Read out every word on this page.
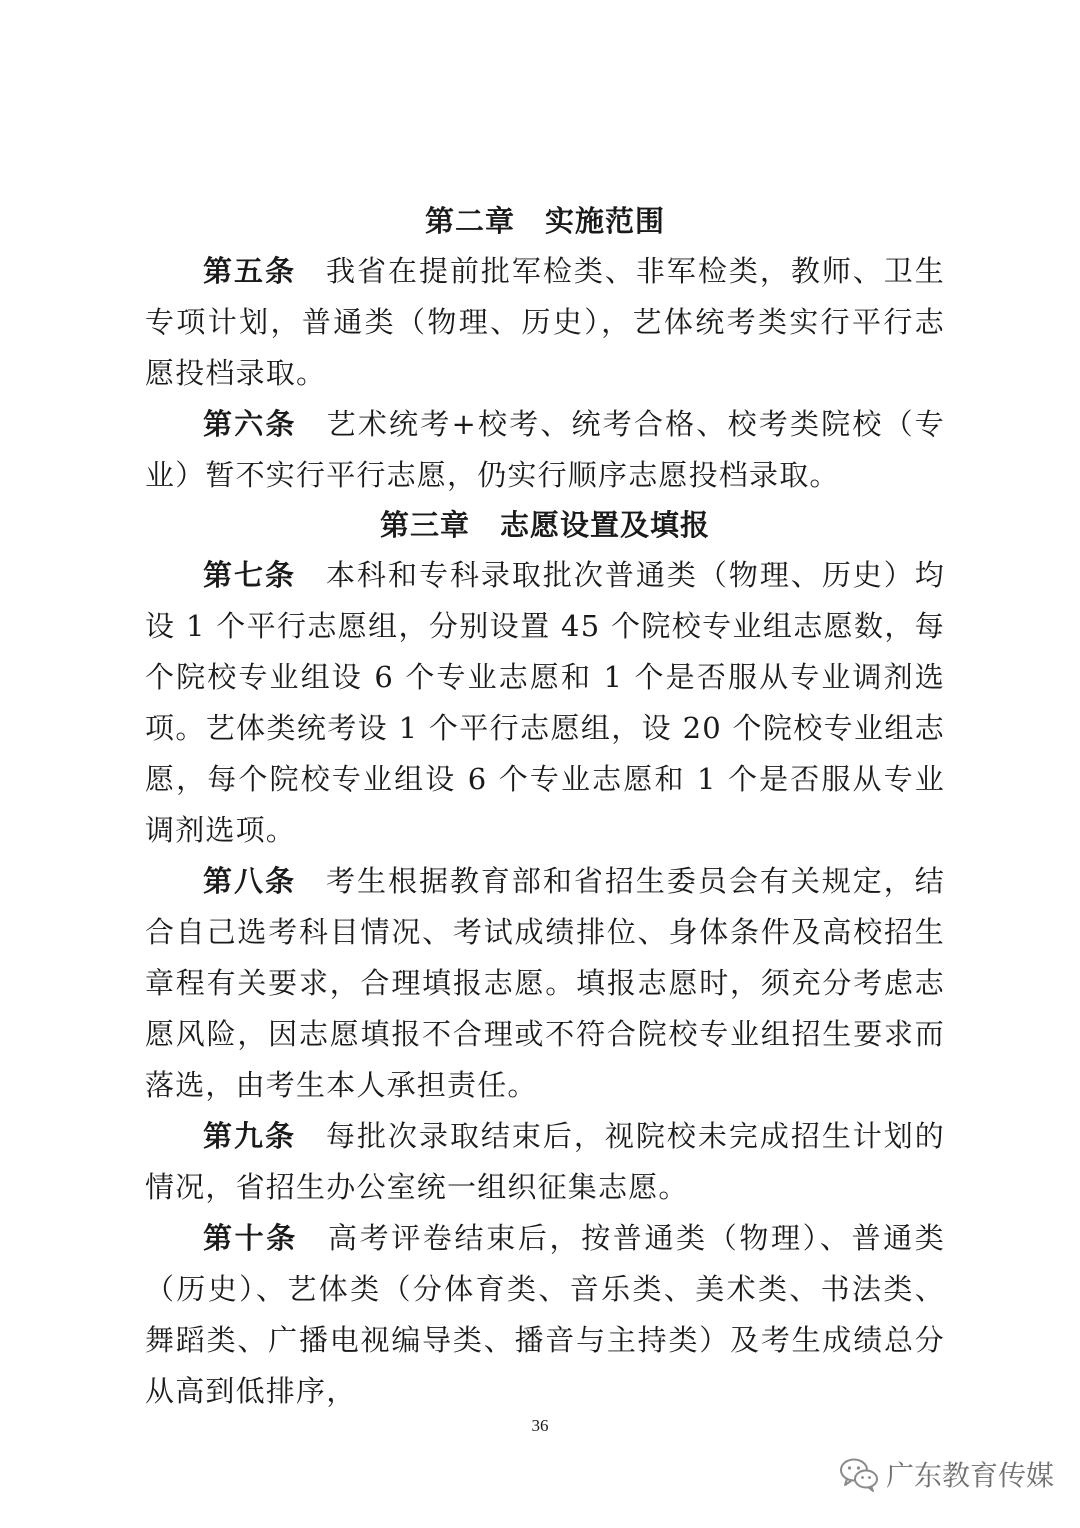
第二章　实施范围

第五条 我省在提前批军检类、非军检类，教师、卫生专项计划，普通类（物理、历史），艺体统考类实行平行志愿投档录取。

第六条 艺术统考+校考、统考合格、校考类院校（专业）暂不实行平行志愿，仍实行顺序志愿投档录取。

第三章　志愿设置及填报

第七条 本科和专科录取批次普通类（物理、历史）均设 1 个平行志愿组，分别设置 45 个院校专业组志愿数，每个院校专业组设 6 个专业志愿和 1 个是否服从专业调剂选项。艺体类统考设 1 个平行志愿组，设 20 个院校专业组志愿，每个院校专业组设 6 个专业志愿和 1 个是否服从专业调剂选项。

第八条 考生根据教育部和省招生委员会有关规定，结合自己选考科目情况、考试成绩排位、身体条件及高校招生章程有关要求，合理填报志愿。填报志愿时，须充分考虑志愿风险，因志愿填报不合理或不符合院校专业组招生要求而落选，由考生本人承担责任。

第九条 每批次录取结束后，视院校未完成招生计划的情况，省招生办公室统一组织征集志愿。

第十条 高考评卷结束后，按普通类（物理）、普通类（历史）、艺体类（分体育类、音乐类、美术类、书法类、舞蹈类、广播电视编导类、播音与主持类）及考生成绩总分从高到低排序，

36
广东教育传媒
